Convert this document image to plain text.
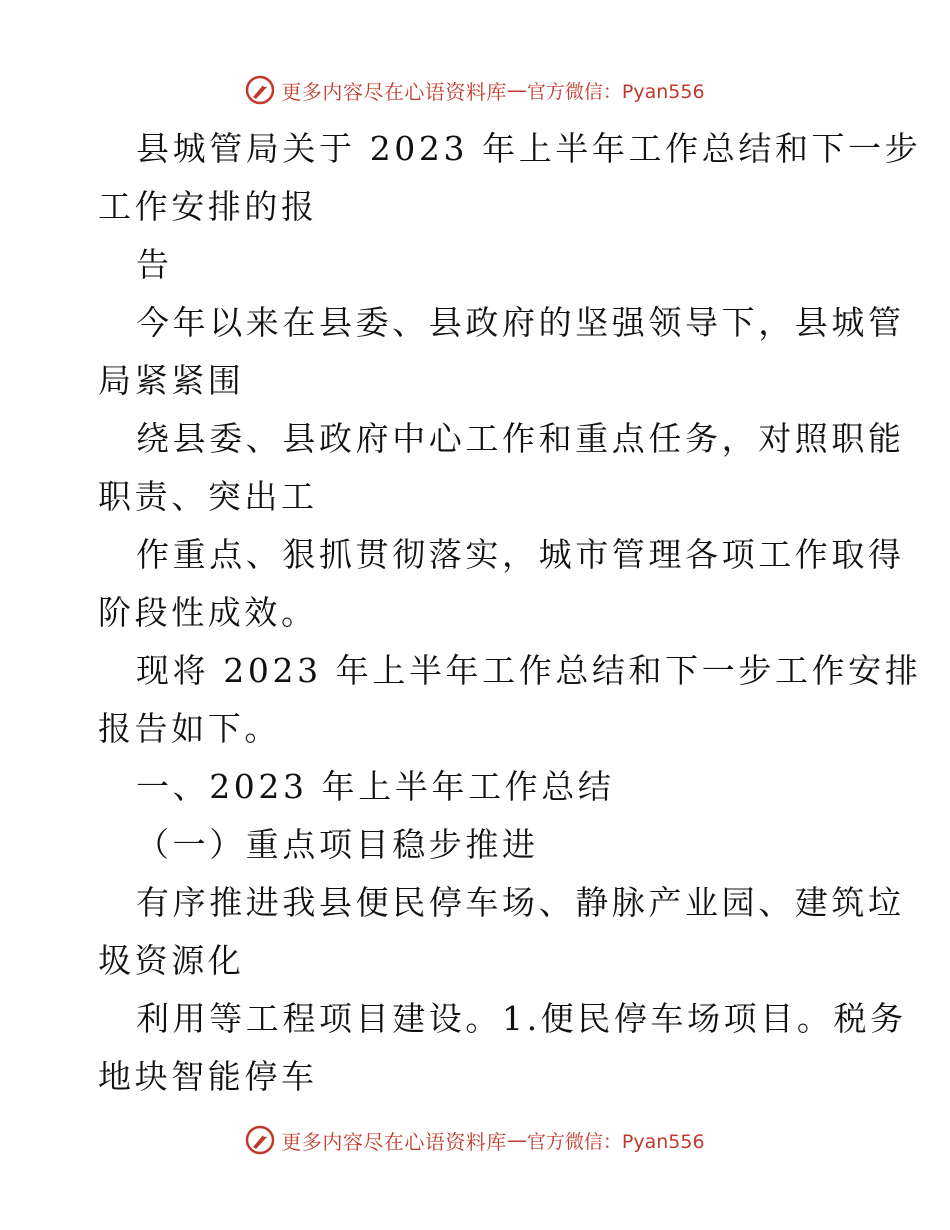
更多内容尽在心语资料库 — 官方微信：Pyan556
县城管局关于 2023 年上半年工作总结和下一步
工作安排的报
告
今年以来在县委、县政府的坚强领导下，县城管
局紧紧围
绕县委、县政府中心工作和重点任务，对照职能
职责、突出工
作重点、狠抓贯彻落实，城市管理各项工作取得
阶段性成效。
现将 2023 年上半年工作总结和下一步工作安排
报告如下。
一、2023 年上半年工作总结
（一）重点项目稳步推进
有序推进我县便民停车场、静脉产业园、建筑垃
圾资源化
利用等工程项目建设。1.便民停车场项目。税务
地块智能停车
更多内容尽在心语资料库 — 官方微信：Pyan556
